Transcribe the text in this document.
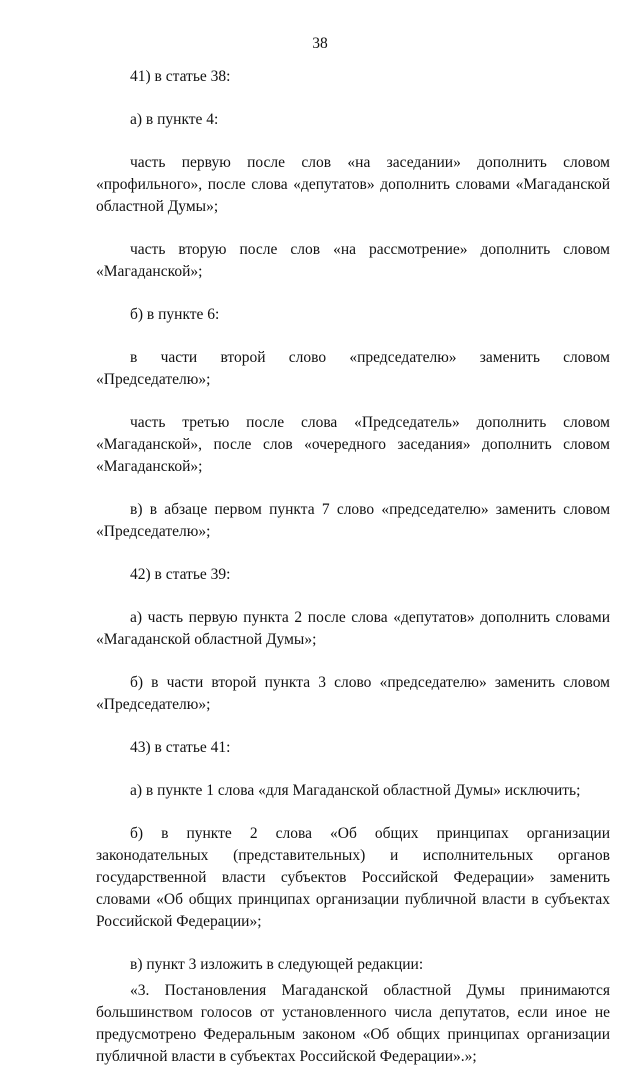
38

41) в статье 38:

а) в пункте 4:

часть первую после слов «на заседании» дополнить словом «профильного», после слова «депутатов» дополнить словами «Магаданской областной Думы»;

часть вторую после слов «на рассмотрение» дополнить словом «Магаданской»;

б) в пункте 6:

в части второй слово «председателю» заменить словом «Председателю»;

часть третью после слова «Председатель» дополнить словом «Магаданской», после слов «очередного заседания» дополнить словом «Магаданской»;

в) в абзаце первом пункта 7 слово «председателю» заменить словом «Председателю»;

42) в статье 39:

а) часть первую пункта 2 после слова «депутатов» дополнить словами «Магаданской областной Думы»;

б) в части второй пункта 3 слово «председателю» заменить словом «Председателю»;

43) в статье 41:

а) в пункте 1 слова «для Магаданской областной Думы» исключить;

б) в пункте 2 слова «Об общих принципах организации законодательных (представительных) и исполнительных органов государственной власти субъектов Российской Федерации» заменить словами «Об общих принципах организации публичной власти в субъектах Российской Федерации»;

в) пункт 3 изложить в следующей редакции:

«3. Постановления Магаданской областной Думы принимаются большинством голосов от установленного числа депутатов, если иное не предусмотрено Федеральным законом «Об общих принципах организации публичной власти в субъектах Российской Федерации».»;
